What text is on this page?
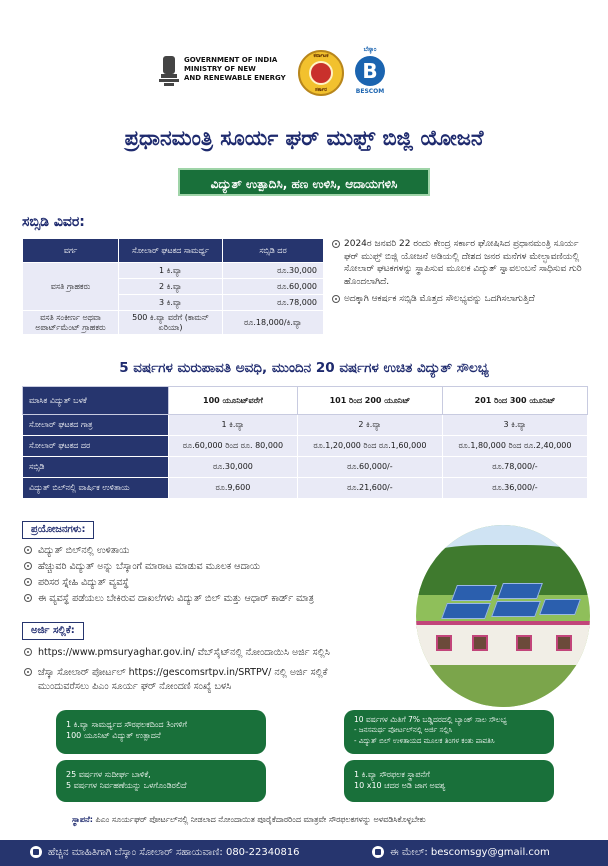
GOVERNMENT OF INDIA
MINISTRY OF NEW
AND RENEWABLE ENERGY
ಕರ್ನಾಟಕ
ಸರ್ಕಾರ
ಬೆಸ್ಕಾಂ
B
BESCOM
ಪ್ರಧಾನಮಂತ್ರಿ ಸೂರ್ಯ ಘರ್ ಮುಫ್ತ್ ಬಿಜ್ಲಿ ಯೋಜನೆ
ವಿದ್ಯುತ್ ಉತ್ಪಾದಿಸಿ, ಹಣ ಉಳಿಸಿ, ಆದಾಯಗಳಿಸಿ
ಸಬ್ಸಿಡಿ ವಿವರ:
ವರ್ಗ	ಸೋಲಾರ್ ಘಟಕದ ಸಾಮರ್ಥ್ಯ	ಸಬ್ಸಿಡಿ ದರ
ವಸತಿ ಗ್ರಾಹಕರು	1 ಕಿ.ವ್ಯಾ	ರೂ.30,000
	2 ಕಿ.ವ್ಯಾ	ರೂ.60,000
	3 ಕಿ.ವ್ಯಾ	ರೂ.78,000
ವಸತಿ ಸಂಕೀರ್ಣ ಅಥವಾ ಅಪಾರ್ಟ್‌ಮೆಂಟ್ ಗ್ರಾಹಕರು	500 ಕಿ.ವ್ಯಾ ವರೆಗೆ (ಕಾಮನ್ ಏರಿಯಾ)	ರೂ.18,000/ಕಿ.ವ್ಯಾ
2024ರ ಜನವರಿ 22 ರಂದು ಕೇಂದ್ರ ಸರ್ಕಾರ ಘೋಷಿಸಿದ ಪ್ರಧಾನಮಂತ್ರಿ ಸೂರ್ಯ ಘರ್ ಮುಫ್ತ್ ಬಿಜ್ಲಿ ಯೋಜನೆ ಅಡಿಯಲ್ಲಿ ದೇಶದ ಜನರ ಮನೆಗಳ ಮೇಲ್ಛಾವಣಿಯಲ್ಲಿ ಸೋಲಾರ್ ಘಟಕಗಳನ್ನು ಸ್ಥಾಪಿಸುವ ಮೂಲಕ ವಿದ್ಯುತ್ ಸ್ವಾವಲಂಬನೆ ಸಾಧಿಸುವ ಗುರಿ ಹೊಂದಲಾಗಿದೆ.
ಅದಕ್ಕಾಗಿ ಆಕರ್ಷಕ ಸಬ್ಸಿಡಿ ಮೊತ್ತದ ಸೌಲಭ್ಯವನ್ನು ಒದಗಿಸಲಾಗುತ್ತಿದೆ
5 ವರ್ಷಗಳ ಮರುಪಾವತಿ ಅವಧಿ, ಮುಂದಿನ 20 ವರ್ಷಗಳ ಉಚಿತ ವಿದ್ಯುತ್ ಸೌಲಭ್ಯ
ಮಾಸಿಕ ವಿದ್ಯುತ್ ಬಳಕೆ	100 ಯೂನಿಟ್‌ವರೆಗೆ	101 ರಿಂದ 200 ಯೂನಿಟ್	201 ರಿಂದ 300 ಯೂನಿಟ್
ಸೋಲಾರ್ ಘಟಕದ ಗಾತ್ರ	1 ಕಿ.ವ್ಯಾ	2 ಕಿ.ವ್ಯಾ	3 ಕಿ.ವ್ಯಾ
ಸೋಲಾರ್ ಘಟಕದ ದರ	ರೂ.60,000 ರಿಂದ ರೂ. 80,000	ರೂ.1,20,000 ರಿಂದ ರೂ.1,60,000	ರೂ.1,80,000 ರಿಂದ ರೂ.2,40,000
ಸಬ್ಸಿಡಿ	ರೂ.30,000	ರೂ.60,000/-	ರೂ.78,000/-
ವಿದ್ಯುತ್ ಬಿಲ್‌ನಲ್ಲಿ ವಾರ್ಷಿಕ ಉಳಿತಾಯ	ರೂ.9,600	ರೂ.21,600/-	ರೂ.36,000/-
ಪ್ರಯೋಜನಗಳು:
ವಿದ್ಯುತ್ ಬಿಲ್‌ನಲ್ಲಿ ಉಳಿತಾಯ
ಹೆಚ್ಚುವರಿ ವಿದ್ಯುತ್ ಅನ್ನು ಬೆಸ್ಕಾಂಗೆ ಮಾರಾಟ ಮಾಡುವ ಮೂಲಕ ಆದಾಯ
ಪರಿಸರ ಸ್ನೇಹಿ ವಿದ್ಯುತ್ ವ್ಯವಸ್ಥೆ
ಈ ವ್ಯವಸ್ಥೆ ಪಡೆಯಲು ಬೇಕಿರುವ ದಾಖಲೆಗಳು ವಿದ್ಯುತ್ ಬಿಲ್ ಮತ್ತು ಆಧಾರ್ ಕಾರ್ಡ್ ಮಾತ್ರ
ಅರ್ಜಿ ಸಲ್ಲಿಕೆ:
https://www.pmsuryaghar.gov.in/ ವೆಬ್‌ಸೈಟ್‌ನಲ್ಲಿ ನೋಂದಾಯಿಸಿ ಅರ್ಜಿ ಸಲ್ಲಿಸಿ
ಜೆಸ್ಕಾ ಸೋಲಾರ್ ಪೋರ್ಟಲ್ https://gescomsrtpv.in/SRTPV/ ನಲ್ಲಿ ಅರ್ಜಿ ಸಲ್ಲಿಕೆ
ಮುಂದುವರೆಸಲು ಪಿಎಂ ಸೂರ್ಯ ಘರ್ ನೋಂದಣಿ ಸಂಖ್ಯೆ ಬಳಸಿ
1 ಕಿ.ವ್ಯಾ ಸಾಮರ್ಥ್ಯದ ಸೌರಫಲಕದಿಂದ 3ಂಗಳಿಗೆ
100 ಯೂನಿಟ್ ವಿದ್ಯುತ್ ಉತ್ಪಾದನೆ
10 ವರ್ಷಗಳ ಮಿತಿಗೆ 7% ಬಡ್ಡಿದರದಲ್ಲಿ ಬ್ಯಾಂಕ್ ಸಾಲ ಸೌಲಭ್ಯ
- ಜನಸಮರ್ಥ ಪೋರ್ಟಲ್‌ನಲ್ಲಿ ಅರ್ಜಿ ಸಲ್ಲಿಸಿ
- ವಿದ್ಯುತ್ ಬಿಲ್ ಉಳಿತಾಯದ ಮೂಲಕ ತಿಂಗಳ ಕಂತು ಪಾವತಿಸಿ
25 ವರ್ಷಗಳ ಸುದೀರ್ಘ ಬಾಳಿಕೆ,
5 ವರ್ಷಗಳ ನಿರ್ವಹಣೆಯನ್ನು ಒಳಗೊಂಡಿರಲಿದೆ
1 ಕಿ.ವ್ಯಾ ಸೌರಫಲಕ ಸ್ಥಾಪನೆಗೆ
10 x10 ಚದರ ಅಡಿ ಜಾಗ ಅವಶ್ಯ
ಸ್ಥಾಪನೆ: ಪಿಎಂ ಸೂರ್ಯಘರ್ ಪೋರ್ಟಲ್‌ನಲ್ಲಿ ನೀಡಲಾದ ನೋಂದಾಯಿತ ಪೂರೈಕೆದಾರರಿಂದ ಮಾತ್ರವೇ ಸೌರಫಲಕಗಳನ್ನು ಅಳವಡಿಸಿಕೊಳ್ಳಬೇಕು
ಹೆಚ್ಚಿನ ಮಾಹಿತಿಗಾಗಿ ಬೆಸ್ಕಾಂ ಸೋಲಾರ್ ಸಹಾಯವಾಣಿ: 080-22340816	ಈ ಮೇಲ್: bescomsgy@gmail.com
